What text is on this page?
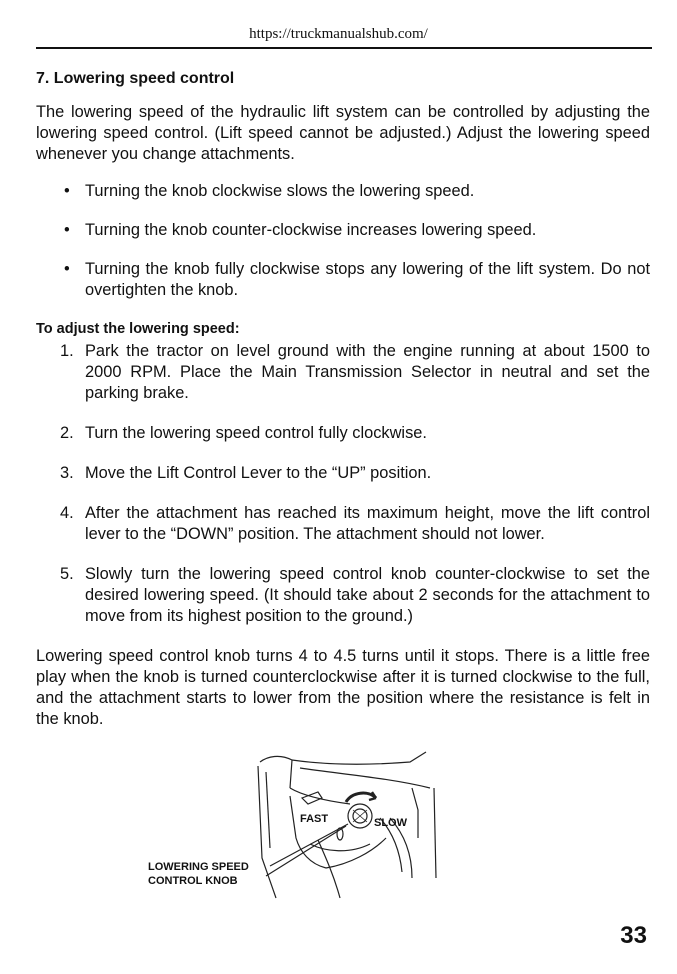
https://truckmanualshub.com/

7. Lowering speed control

The lowering speed of the hydraulic lift system can be controlled by adjusting the lowering speed control. (Lift speed cannot be adjusted.) Adjust the lowering speed whenever you change attachments.

• Turning the knob clockwise slows the lowering speed.
• Turning the knob counter-clockwise increases lowering speed.
• Turning the knob fully clockwise stops any lowering of the lift system. Do not overtighten the knob.

To adjust the lowering speed:

1. Park the tractor on level ground with the engine running at about 1500 to 2000 RPM. Place the Main Transmission Selector in neutral and set the parking brake.
2. Turn the lowering speed control fully clockwise.
3. Move the Lift Control Lever to the “UP” position.
4. After the attachment has reached its maximum height, move the lift control lever to the “DOWN” position. The attachment should not lower.
5. Slowly turn the lowering speed control knob counter-clockwise to set the desired lowering speed. (It should take about 2 seconds for the attachment to move from its highest position to the ground.)

Lowering speed control knob turns 4 to 4.5 turns until it stops. There is a little free play when the knob is turned counterclockwise after it is turned clockwise to the full, and the attachment starts to lower from the position where the resistance is felt in the knob.

FAST	SLOW
LOWERING SPEED
CONTROL KNOB
33
